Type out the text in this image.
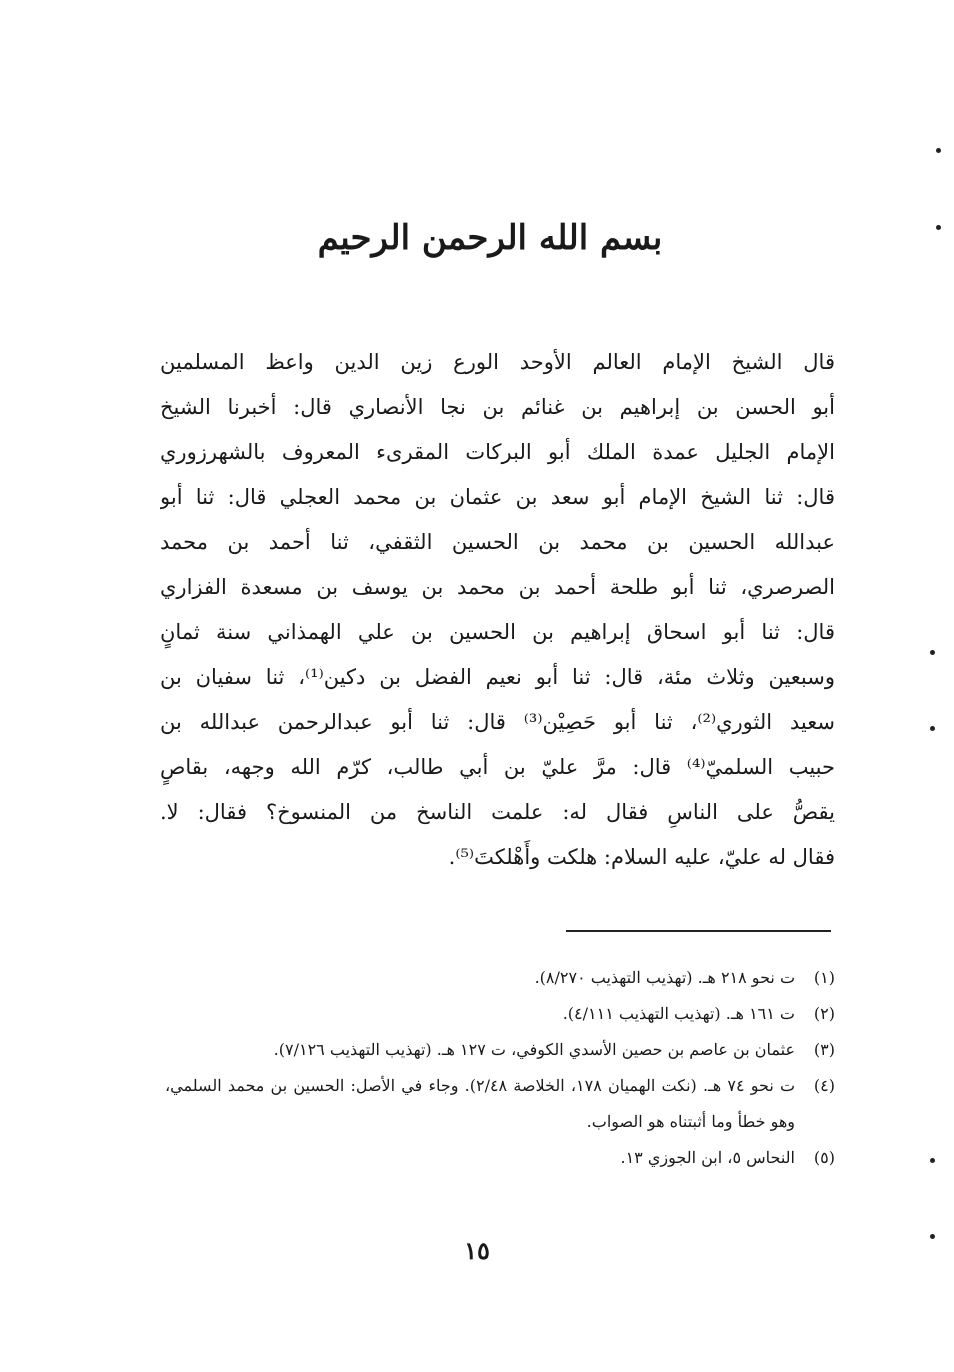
بسم الله الرحمن الرحيم
قال الشيخ الإمام العالم الأوحد الورع زين الدين واعظ المسلمين
أبو الحسن بن إبراهيم بن غنائم بن نجا الأنصاري قال: أخبرنا الشيخ
الإمام الجليل عمدة الملك أبو البركات المقرىء المعروف بالشهرزوري
قال: ثنا الشيخ الإمام أبو سعد بن عثمان بن محمد العجلي قال: ثنا أبو
عبدالله الحسين بن محمد بن الحسين الثقفي، ثنا أحمد بن محمد
الصرصري، ثنا أبو طلحة أحمد بن محمد بن يوسف بن مسعدة الفزاري
قال: ثنا أبو اسحاق إبراهيم بن الحسين بن علي الهمذاني سنة ثمانٍ
وسبعين وثلاث مئة، قال: ثنا أبو نعيم الفضل بن دكين⁽¹⁾، ثنا سفيان بن
سعيد الثوري⁽²⁾، ثنا أبو حَصِيْن⁽³⁾ قال: ثنا أبو عبدالرحمن عبدالله بن
حبيب السلميّ⁽⁴⁾ قال: مرَّ عليّ بن أبي طالب، كرّم الله وجهه، بقاصٍ
يقصُّ على الناسِ فقال له: علمت الناسخ من المنسوخ؟ فقال: لا.
فقال له عليّ، عليه السلام: هلكت وأَهْلكتَ⁽⁵⁾.
(١)
ت نحو ٢١٨ هـ. (تهذيب التهذيب ٨/٢٧٠).
(٢)
ت ١٦١ هـ. (تهذيب التهذيب ٤/١١١).
(٣)
عثمان بن عاصم بن حصين الأسدي الكوفي، ت ١٢٧ هـ. (تهذيب التهذيب ٧/١٢٦).
(٤)
ت نحو ٧٤ هـ. (نكت الهميان ١٧٨، الخلاصة ٢/٤٨). وجاء في الأصل: الحسين بن محمد السلمي، وهو خطأ وما أثبتناه هو الصواب.
(٥)
النحاس ٥، ابن الجوزي ١٣.
١٥
